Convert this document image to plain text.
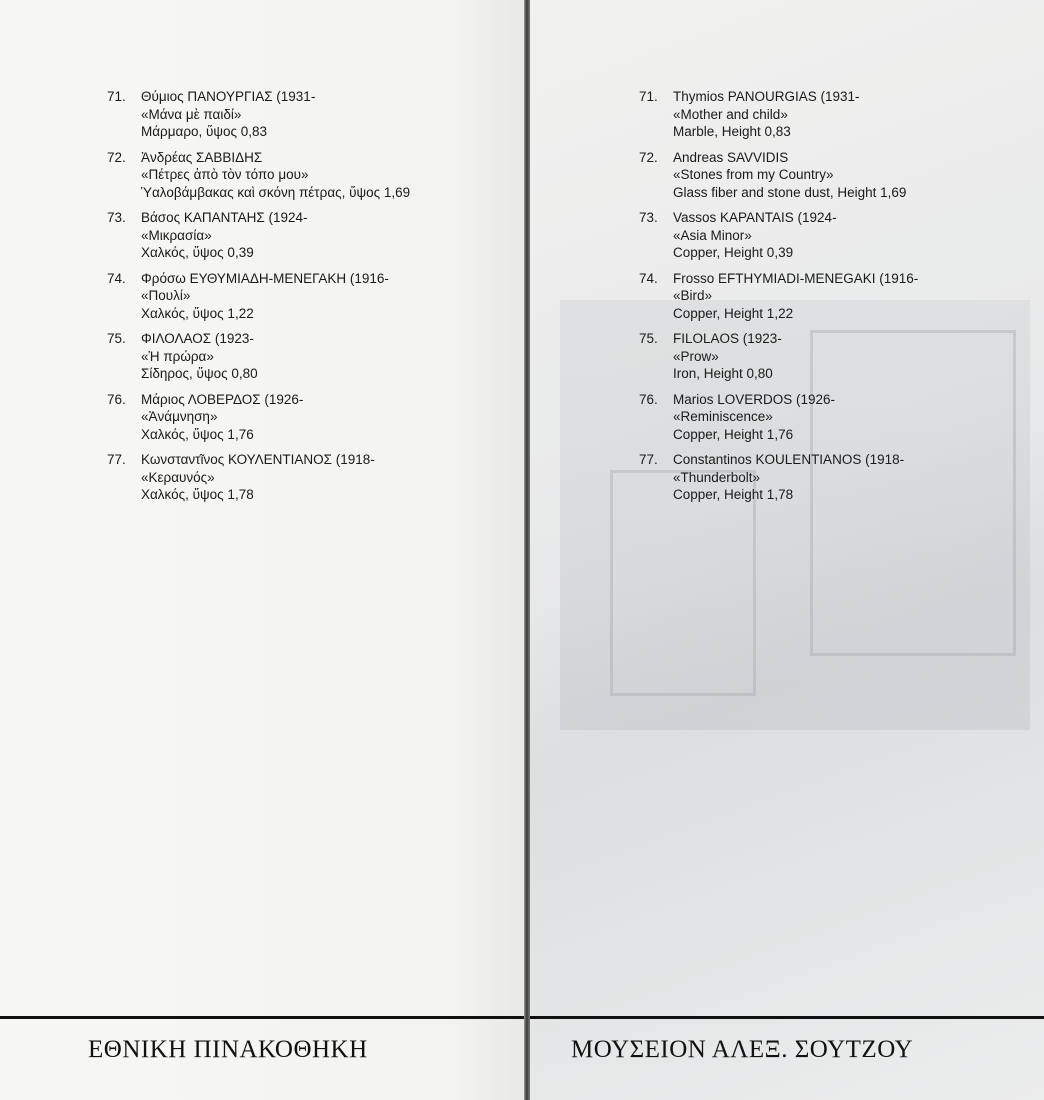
71.	Θύμιος ΠΑΝΟΥΡΓΙΑΣ (1931-
«Μάνα μὲ παιδί»
Μάρμαρο, ὕψος 0,83
72.	Ἀνδρέας ΣΑΒΒΙΔΗΣ
«Πέτρες ἀπὸ τὸν τόπο μου»
Ὑαλοβάμβακας καὶ σκόνη πέτρας, ὕψος 1,69
73.	Βάσος ΚΑΠΑΝΤΑΗΣ (1924-
«Μικρασία»
Χαλκός, ὕψος 0,39
74.	Φρόσω ΕΥΘΥΜΙΑΔΗ-ΜΕΝΕΓΑΚΗ (1916-
«Πουλί»
Χαλκός, ὕψος 1,22
75.	ΦΙΛΟΛΑΟΣ (1923-
«Ἡ πρώρα»
Σίδηρος, ὕψος 0,80
76.	Μάριος ΛΟΒΕΡΔΟΣ (1926-
«Ἀνάμνηση»
Χαλκός, ὕψος 1,76
77.	Κωνσταντῖνος ΚΟΥΛΕΝΤΙΑΝΟΣ (1918-
«Κεραυνός»
Χαλκός, ὕψος 1,78
71.	Thymios PANOURGIAS (1931-
«Mother and child»
Marble, Height 0,83
72.	Andreas SAVVIDIS
«Stones from my Country»
Glass fiber and stone dust, Height 1,69
73.	Vassos KAPANTAIS (1924-
«Asia Minor»
Copper, Height 0,39
74.	Frosso EFTHYMIADI-MENEGAKI (1916-
«Bird»
Copper, Height 1,22
75.	FILOLAOS (1923-
«Prow»
Iron, Height 0,80
76.	Marios LOVERDOS (1926-
«Reminiscence»
Copper, Height 1,76
77.	Constantinos KOULENTIANOS (1918-
«Thunderbolt»
Copper, Height 1,78
ΕΘΝΙΚΗ ΠΙΝΑΚΟΘΗΚΗ	ΜΟΥΣΕΙΟΝ ΑΛΕΞ. ΣΟΥΤΖΟΥ
